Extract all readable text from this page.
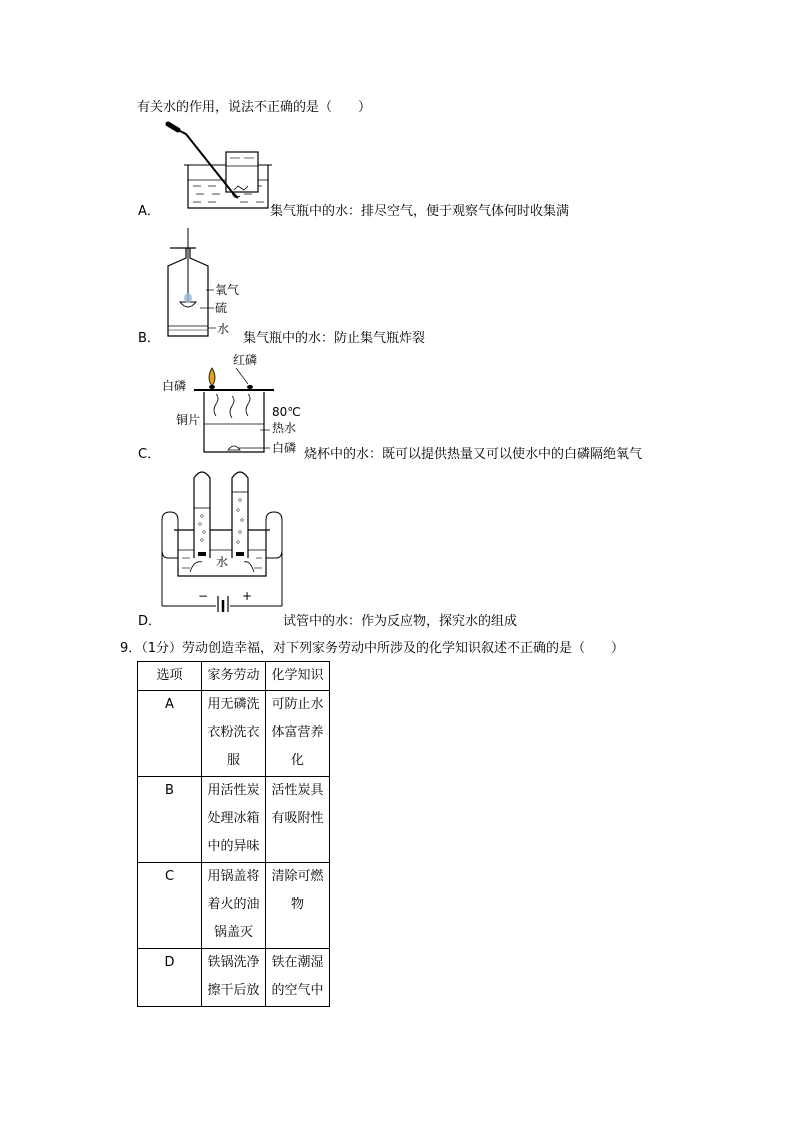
有关水的作用，说法不正确的是（　　）
A．	集气瓶中的水：排尽空气，便于观察气体何时收集满
B．
氧气
硫
水
集气瓶中的水：防止集气瓶炸裂
C．
红磷
白磷
铜片
80℃
热水
白磷 烧杯中的水：既可以提供热量又可以使水中的白磷隔绝氧气
D．
水
−	+
试管中的水：作为反应物，探究水的组成
9．（1分）劳动创造幸福，对下列家务劳动中所涉及的化学知识叙述不正确的是（　　）
选项	家务劳动	化学知识
A	用无磷洗
衣粉洗衣
服	可防止水
体富营养
化
B	用活性炭
处理冰箱
中的异味	活性炭具
有吸附性
C	用锅盖将
着火的油
锅盖灭	清除可燃
物
D	铁锅洗净
擦干后放	铁在潮湿
的空气中
